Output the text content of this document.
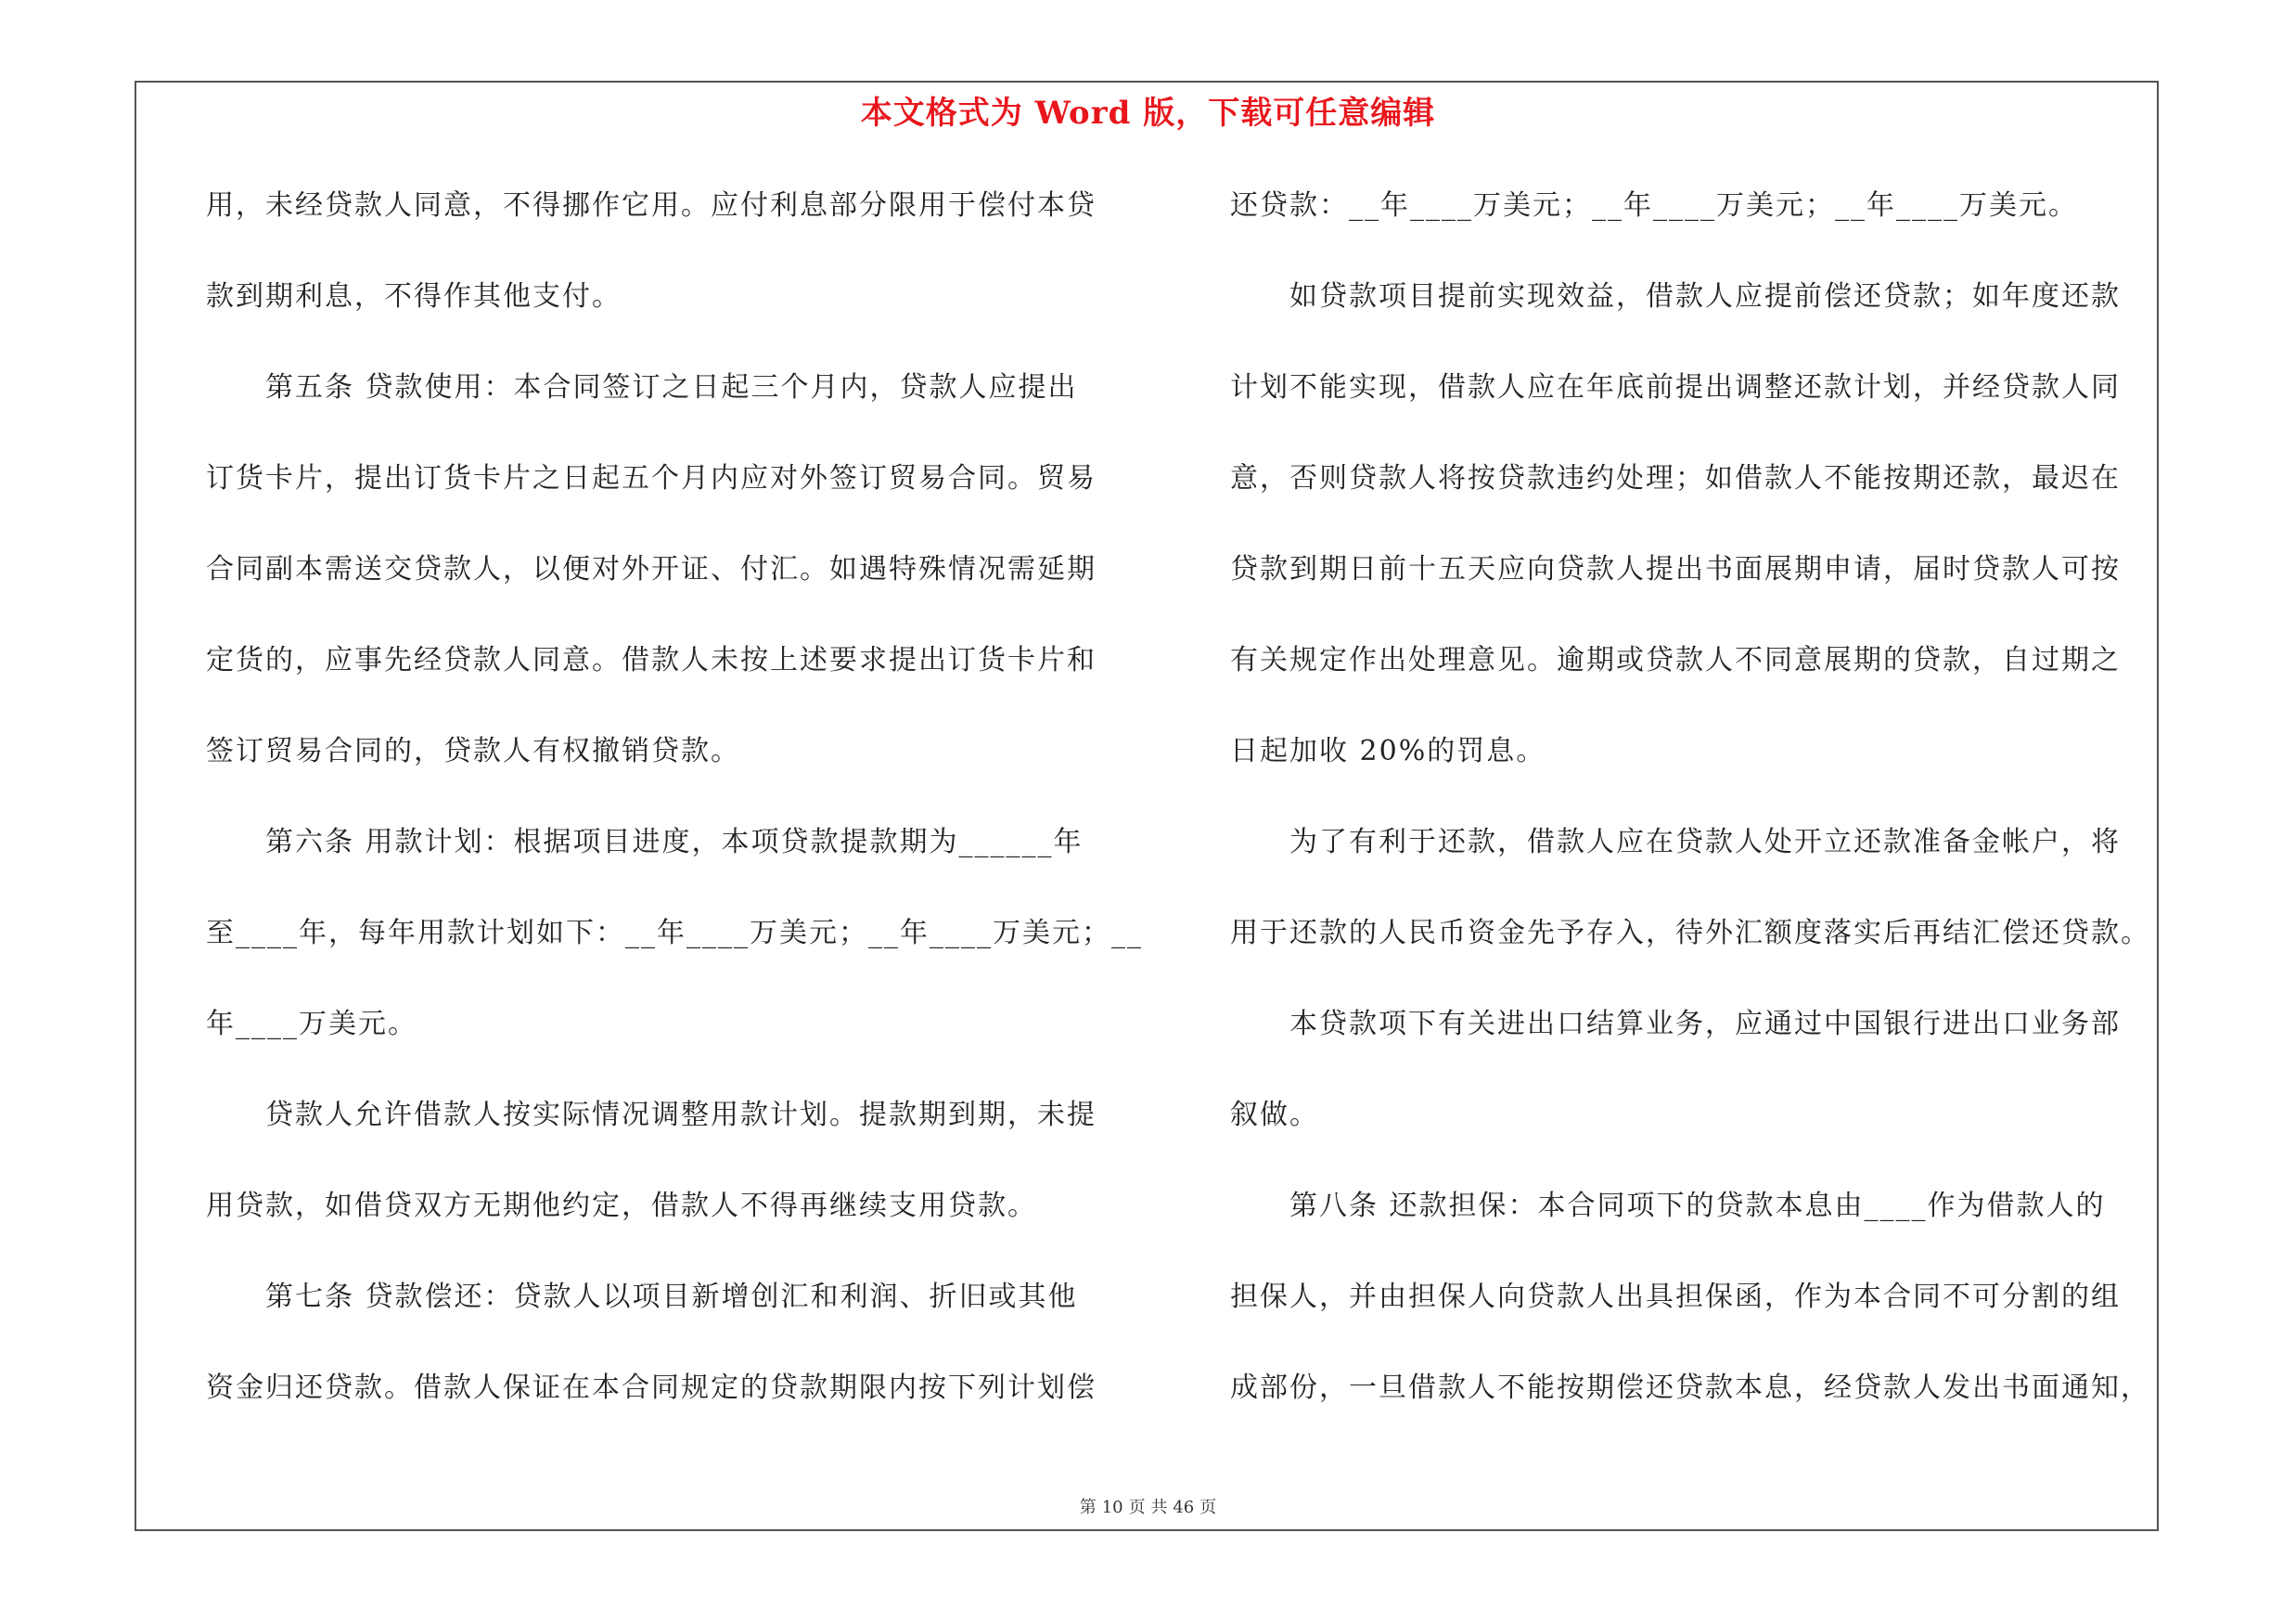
本文格式为 Word 版，下载可任意编辑
用，未经贷款人同意，不得挪作它用。应付利息部分限用于偿付本贷
款到期利息，不得作其他支付。
　　第五条 贷款使用：本合同签订之日起三个月内，贷款人应提出
订货卡片，提出订货卡片之日起五个月内应对外签订贸易合同。贸易
合同副本需送交贷款人，以便对外开证、付汇。如遇特殊情况需延期
定货的，应事先经贷款人同意。借款人未按上述要求提出订货卡片和
签订贸易合同的，贷款人有权撤销贷款。
　　第六条 用款计划：根据项目进度，本项贷款提款期为______年
至____年，每年用款计划如下：__年____万美元；__年____万美元；__
年____万美元。
　　贷款人允许借款人按实际情况调整用款计划。提款期到期，未提
用贷款，如借贷双方无期他约定，借款人不得再继续支用贷款。
　　第七条 贷款偿还：贷款人以项目新增创汇和利润、折旧或其他
资金归还贷款。借款人保证在本合同规定的贷款期限内按下列计划偿
还贷款：__年____万美元；__年____万美元；__年____万美元。
　　如贷款项目提前实现效益，借款人应提前偿还贷款；如年度还款
计划不能实现，借款人应在年底前提出调整还款计划，并经贷款人同
意，否则贷款人将按贷款违约处理；如借款人不能按期还款，最迟在
贷款到期日前十五天应向贷款人提出书面展期申请，届时贷款人可按
有关规定作出处理意见。逾期或贷款人不同意展期的贷款，自过期之
日起加收 20%的罚息。
　　为了有利于还款，借款人应在贷款人处开立还款准备金帐户，将
用于还款的人民币资金先予存入，待外汇额度落实后再结汇偿还贷款。
　　本贷款项下有关进出口结算业务，应通过中国银行进出口业务部
叙做。
　　第八条 还款担保：本合同项下的贷款本息由____作为借款人的
担保人，并由担保人向贷款人出具担保函，作为本合同不可分割的组
成部份，一旦借款人不能按期偿还贷款本息，经贷款人发出书面通知，
第 10 页 共 46 页
